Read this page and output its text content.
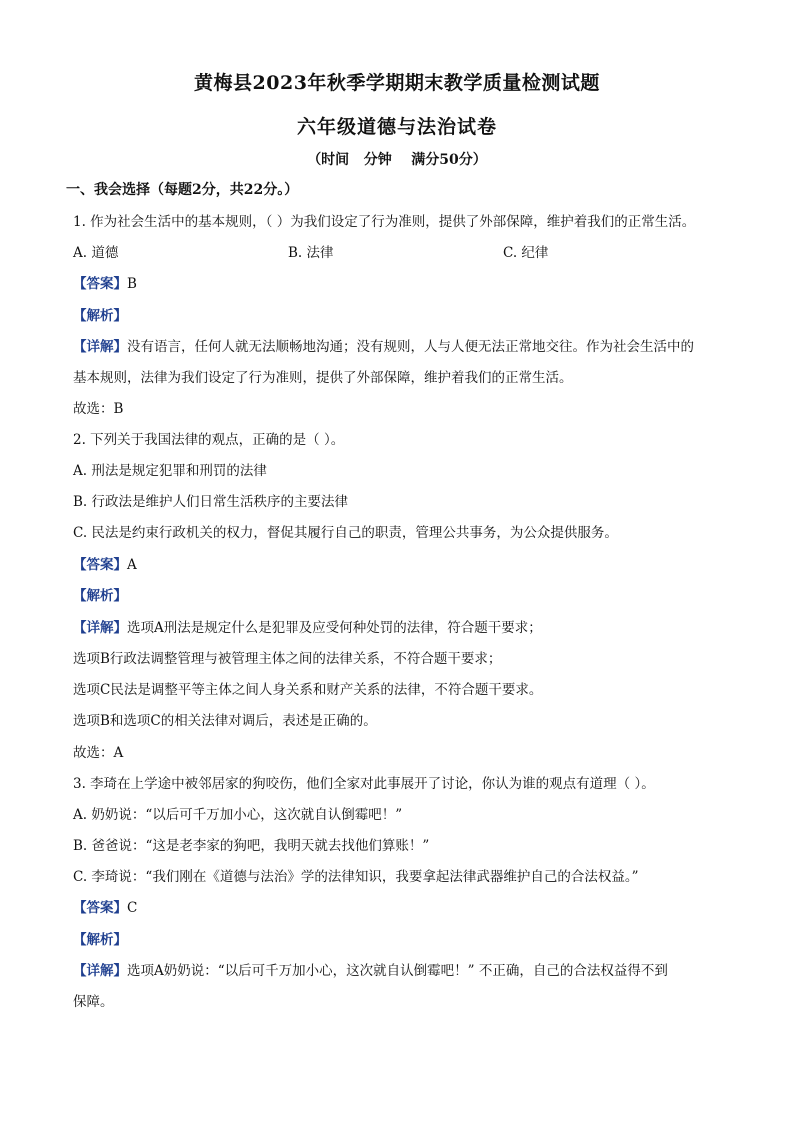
黄梅县2023年秋季学期期末教学质量检测试题
六年级道德与法治试卷
（时间   分钟    满分50分）
一、我会选择（每题2分，共22分。）
1. 作为社会生活中的基本规则，（ ）为我们设定了行为准则，提供了外部保障，维护着我们的正常生活。
A. 道德	B. 法律	C. 纪律
【答案】B
【解析】
【详解】没有语言，任何人就无法顺畅地沟通；没有规则，人与人便无法正常地交往。作为社会生活中的
基本规则，法律为我们设定了行为准则，提供了外部保障，维护着我们的正常生活。
故选：B
2. 下列关于我国法律的观点，正确的是（ ）。
A. 刑法是规定犯罪和刑罚的法律
B. 行政法是维护人们日常生活秩序的主要法律
C. 民法是约束行政机关的权力，督促其履行自己的职责，管理公共事务，为公众提供服务。
【答案】A
【解析】
【详解】选项A刑法是规定什么是犯罪及应受何种处罚的法律，符合题干要求；
选项B行政法调整管理与被管理主体之间的法律关系，不符合题干要求；
选项C民法是调整平等主体之间人身关系和财产关系的法律，不符合题干要求。
选项B和选项C的相关法律对调后，表述是正确的。
故选：A
3. 李琦在上学途中被邻居家的狗咬伤，他们全家对此事展开了讨论，你认为谁的观点有道理（ ）。
A. 奶奶说：“以后可千万加小心，这次就自认倒霉吧！”
B. 爸爸说：“这是老李家的狗吧，我明天就去找他们算账！”
C. 李琦说：“我们刚在《道德与法治》学的法律知识，我要拿起法律武器维护自己的合法权益。”
【答案】C
【解析】
【详解】选项A奶奶说：“以后可千万加小心，这次就自认倒霉吧！” 不正确，自己的合法权益得不到
保障。
